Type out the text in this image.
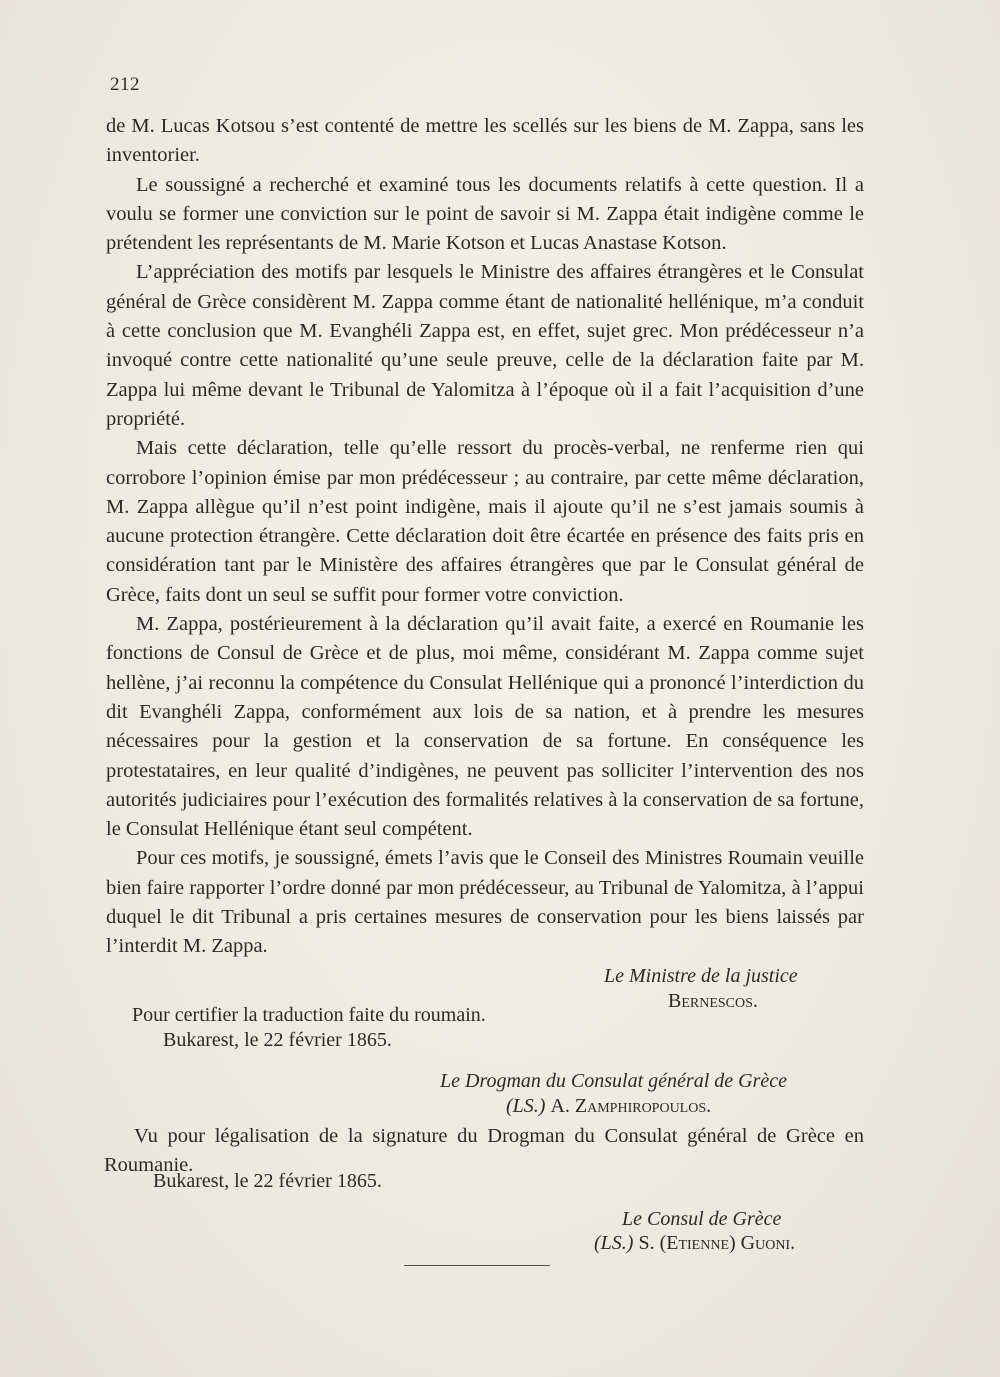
212

de M. Lucas Kotsou s’est contenté de mettre les scellés sur les biens de M. Zappa, sans les inventorier.

Le soussigné a recherché et examiné tous les documents relatifs à cette question. Il a voulu se former une conviction sur le point de savoir si M. Zappa était indigène comme le prétendent les représentants de M. Marie Kotson et Lucas Anastase Kotson.

L’appréciation des motifs par lesquels le Ministre des affaires étrangères et le Consulat général de Grèce considèrent M. Zappa comme étant de nationalité hellénique, m’a conduit à cette conclusion que M. Evanghéli Zappa est, en effet, sujet grec. Mon prédécesseur n’a invoqué contre cette nationalité qu’une seule preuve, celle de la déclaration faite par M. Zappa lui même devant le Tribunal de Yalomitza à l’époque où il a fait l’acquisition d’une propriété.

Mais cette déclaration, telle qu’elle ressort du procès-verbal, ne renferme rien qui corrobore l’opinion émise par mon prédécesseur ; au contraire, par cette même déclaration, M. Zappa allègue qu’il n’est point indigène, mais il ajoute qu’il ne s’est jamais soumis à aucune protection étrangère. Cette déclaration doit être écartée en présence des faits pris en considération tant par le Ministère des affaires étrangères que par le Consulat général de Grèce, faits dont un seul se suffit pour former votre conviction.

M. Zappa, postérieurement à la déclaration qu’il avait faite, a exercé en Roumanie les fonctions de Consul de Grèce et de plus, moi même, considérant M. Zappa comme sujet hellène, j’ai reconnu la compétence du Consulat Hellénique qui a prononcé l’interdiction du dit Evanghéli Zappa, conformément aux lois de sa nation, et à prendre les mesures nécessaires pour la gestion et la conservation de sa fortune. En conséquence les protestataires, en leur qualité d’indigènes, ne peuvent pas solliciter l’intervention des nos autorités judiciaires pour l’exécution des formalités relatives à la conservation de sa fortune, le Consulat Hellénique étant seul compétent.

Pour ces motifs, je soussigné, émets l’avis que le Conseil des Ministres Roumain veuille bien faire rapporter l’ordre donné par mon prédécesseur, au Tribunal de Yalomitza, à l’appui duquel le dit Tribunal a pris certaines mesures de conservation pour les biens laissés par l’interdit M. Zappa.

Le Ministre de la justice
Bernescos.
Pour certifier la traduction faite du roumain.
Bukarest, le 22 février 1865.
Le Drogman du Consulat général de Grèce
(LS.) A. Zamphiropoulos.

Vu pour légalisation de la signature du Drogman du Consulat général de Grèce en Roumanie.

Bukarest, le 22 février 1865.
Le Consul de Grèce
(LS.) S. (Etienne) Guoni.
